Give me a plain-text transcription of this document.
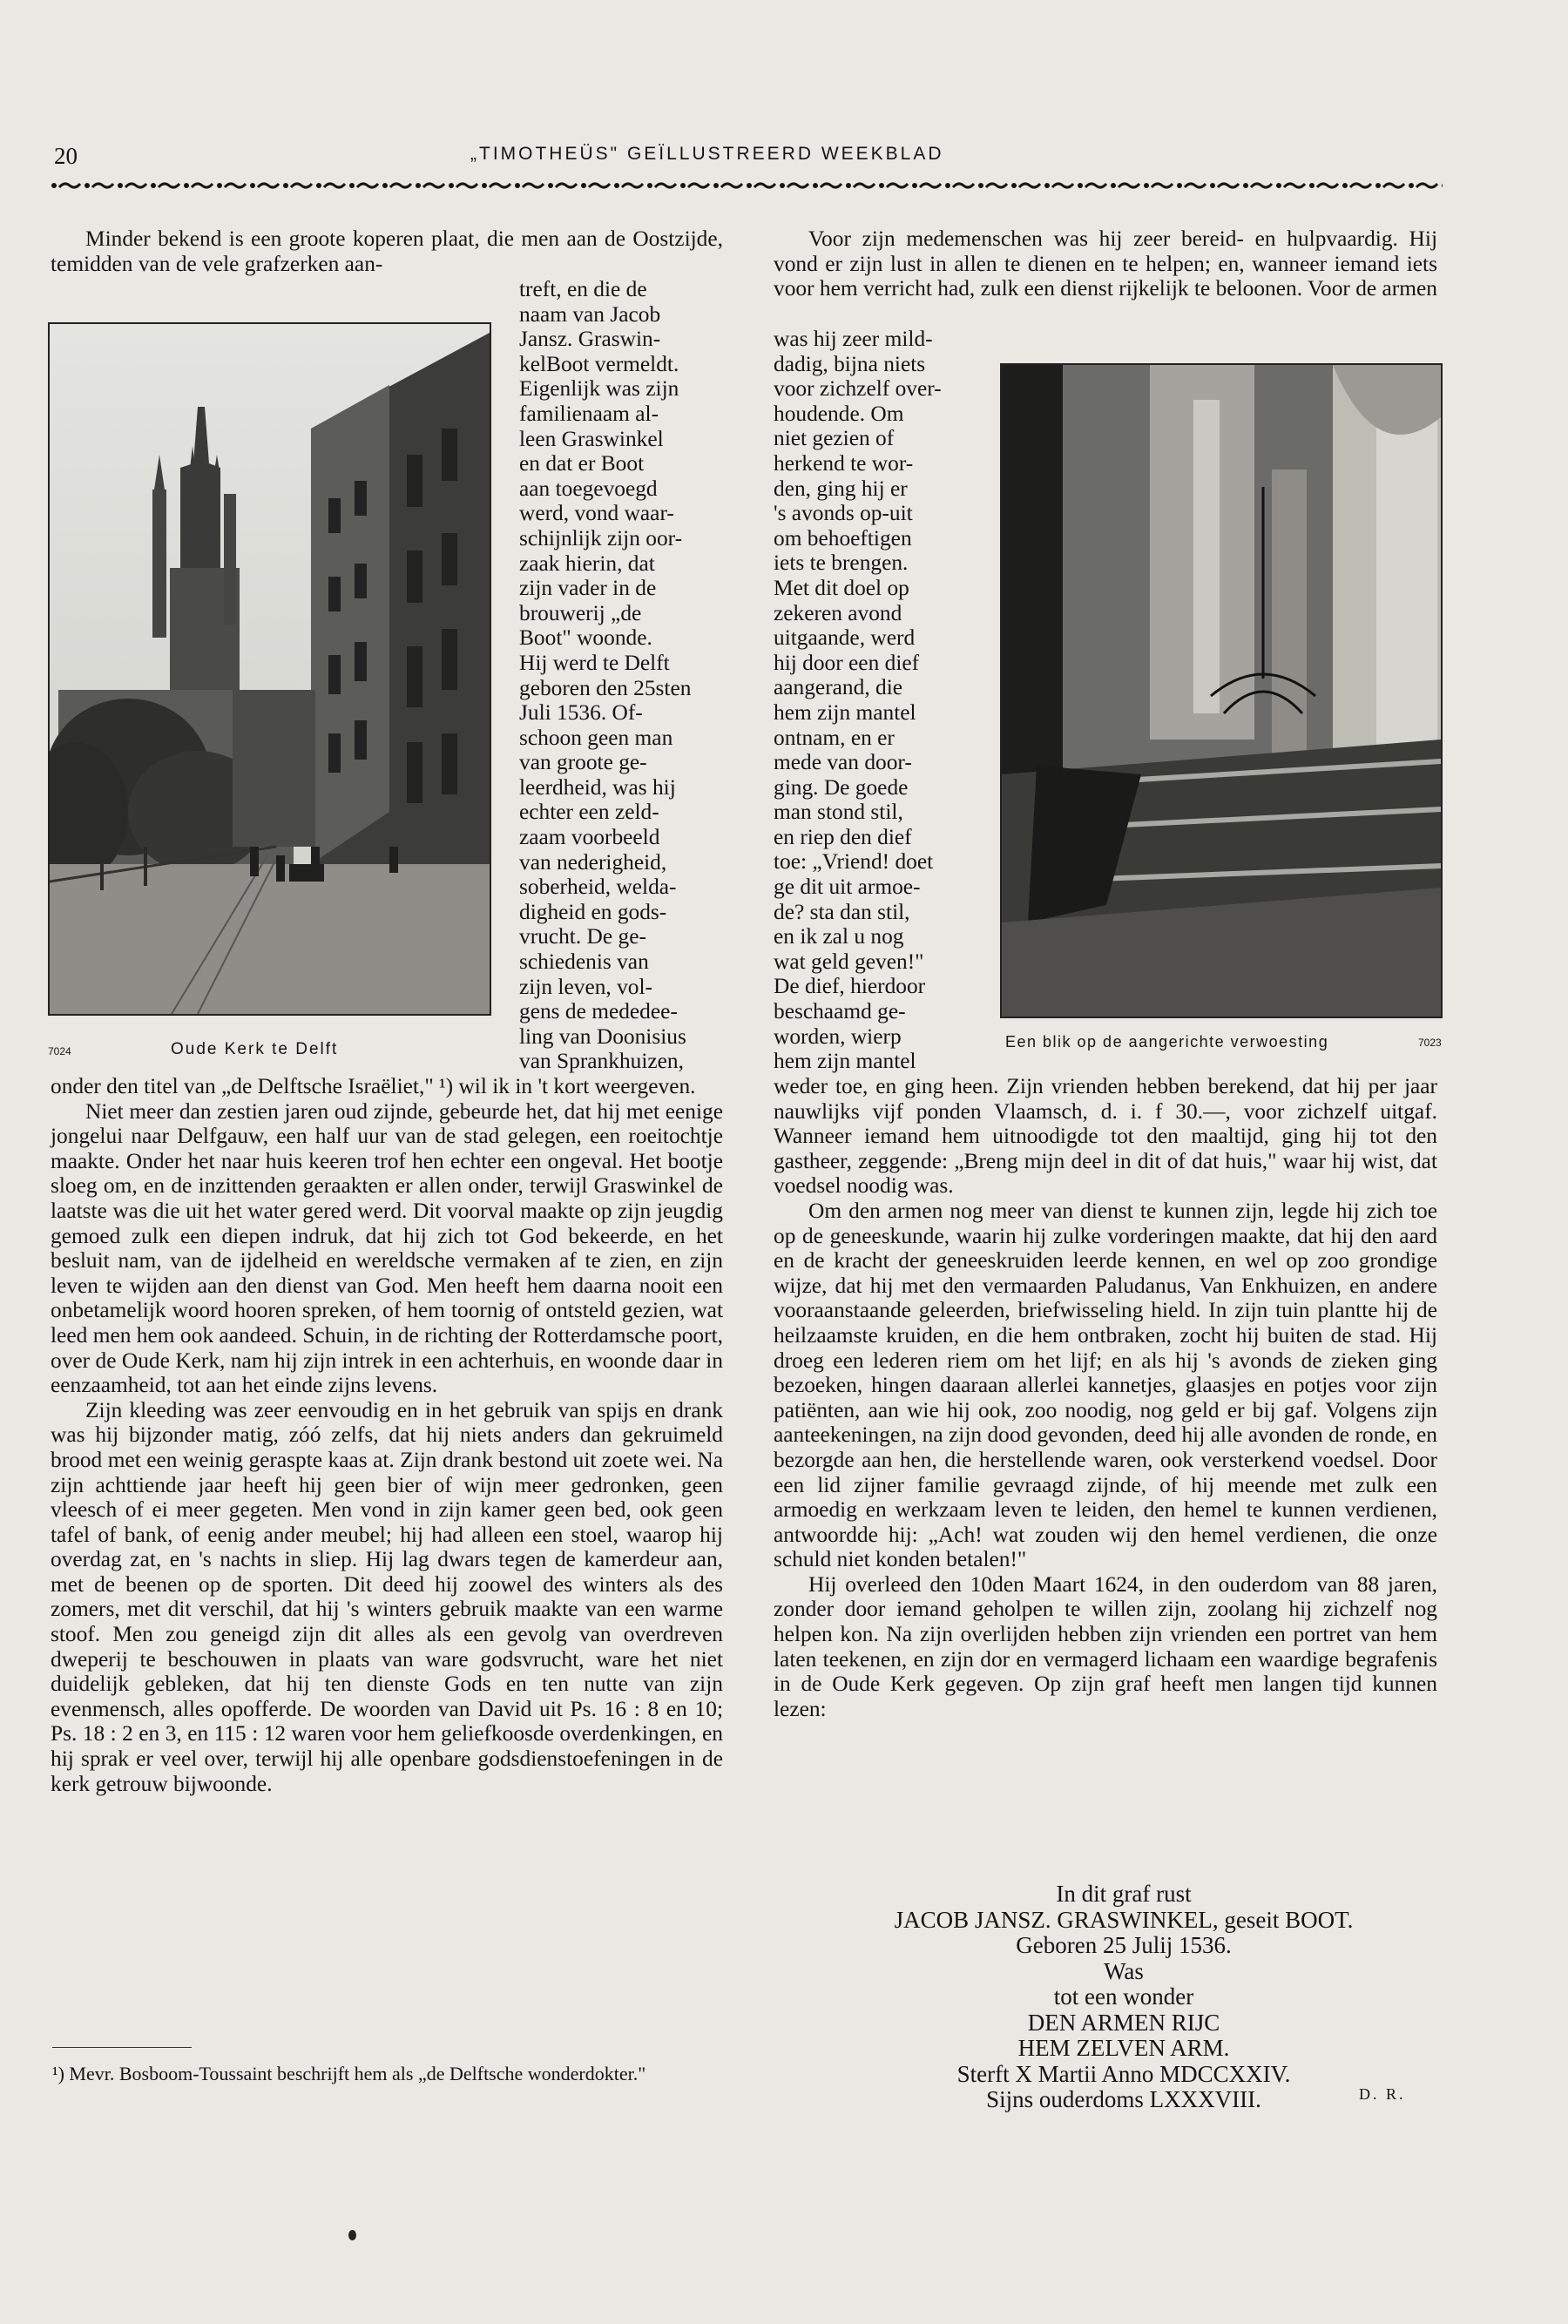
20	„TIMOTHEÜS" GEÏLLUSTREERD WEEKBLAD

Minder bekend is een groote koperen plaat, die men aan de Oostzijde, temidden van de vele grafzerken aan-

treft, en die de
naam van Jacob
Jansz. Graswin-
kelBoot vermeldt.
Eigenlijk was zijn
familienaam al-
leen Graswinkel
en dat er Boot
aan toegevoegd
werd, vond waar-
schijnlijk zijn oor-
zaak hierin, dat
zijn vader in de
brouwerij „de
Boot" woonde.
Hij werd te Delft
geboren den 25sten
Juli 1536. Of-
schoon geen man
van groote ge-
leerdheid, was hij
echter een zeld-
zaam voorbeeld
van nederigheid,
soberheid, welda-
digheid en gods-
vrucht. De ge-
schiedenis van
zijn leven, vol-
gens de mededee-
ling van Doonisius
van Sprankhuizen,
7024	Oude Kerk te Delft

onder den titel van „de Delftsche Israëliet," ¹) wil ik in 't kort weergeven.

Niet meer dan zestien jaren oud zijnde, gebeurde het, dat hij met eenige jongelui naar Delfgauw, een half uur van de stad gelegen, een roeitochtje maakte. Onder het naar huis keeren trof hen echter een ongeval. Het bootje sloeg om, en de inzittenden geraakten er allen onder, terwijl Graswinkel de laatste was die uit het water gered werd. Dit voorval maakte op zijn jeugdig gemoed zulk een diepen indruk, dat hij zich tot God bekeerde, en het besluit nam, van de ijdelheid en wereldsche vermaken af te zien, en zijn leven te wijden aan den dienst van God. Men heeft hem daarna nooit een onbetamelijk woord hooren spreken, of hem toornig of ontsteld gezien, wat leed men hem ook aandeed. Schuin, in de richting der Rotterdamsche poort, over de Oude Kerk, nam hij zijn intrek in een achterhuis, en woonde daar in eenzaamheid, tot aan het einde zijns levens.

Zijn kleeding was zeer eenvoudig en in het gebruik van spijs en drank was hij bijzonder matig, zóó zelfs, dat hij niets anders dan gekruimeld brood met een weinig geraspte kaas at. Zijn drank bestond uit zoete wei. Na zijn achttiende jaar heeft hij geen bier of wijn meer gedronken, geen vleesch of ei meer gegeten. Men vond in zijn kamer geen bed, ook geen tafel of bank, of eenig ander meubel; hij had alleen een stoel, waarop hij overdag zat, en 's nachts in sliep. Hij lag dwars tegen de kamerdeur aan, met de beenen op de sporten. Dit deed hij zoowel des winters als des zomers, met dit verschil, dat hij 's winters gebruik maakte van een warme stoof. Men zou geneigd zijn dit alles als een gevolg van overdreven dweperij te beschouwen in plaats van ware godsvrucht, ware het niet duidelijk gebleken, dat hij ten dienste Gods en ten nutte van zijn evenmensch, alles opofferde. De woorden van David uit Ps. 16 : 8 en 10; Ps. 18 : 2 en 3, en 115 : 12 waren voor hem geliefkoosde overdenkingen, en hij sprak er veel over, terwijl hij alle openbare godsdienstoefeningen in de kerk getrouw bijwoonde.

¹) Mevr. Bosboom-Toussaint beschrijft hem als „de Delftsche wonderdokter."

Voor zijn medemenschen was hij zeer bereid- en hulpvaardig. Hij vond er zijn lust in allen te dienen en te helpen; en, wanneer iemand iets voor hem verricht had, zulk een dienst rijkelijk te beloonen. Voor de armen

was hij zeer mild-
dadig, bijna niets
voor zichzelf over-
houdende. Om
niet gezien of
herkend te wor-
den, ging hij er
's avonds op-uit
om behoeftigen
iets te brengen.
Met dit doel op
zekeren avond
uitgaande, werd
hij door een dief
aangerand, die
hem zijn mantel
ontnam, en er
mede van door-
ging. De goede
man stond stil,
en riep den dief
toe: „Vriend! doet
ge dit uit armoe-
de? sta dan stil,
en ik zal u nog
wat geld geven!"
De dief, hierdoor
beschaamd ge-
worden, wierp
hem zijn mantel
Een blik op de aangerichte verwoesting	7023

weder toe, en ging heen. Zijn vrienden hebben berekend, dat hij per jaar nauwlijks vijf ponden Vlaamsch, d. i. f 30.—, voor zichzelf uitgaf. Wanneer iemand hem uitnoodigde tot den maaltijd, ging hij tot den gastheer, zeggende: „Breng mijn deel in dit of dat huis," waar hij wist, dat voedsel noodig was.

Om den armen nog meer van dienst te kunnen zijn, legde hij zich toe op de geneeskunde, waarin hij zulke vorderingen maakte, dat hij den aard en de kracht der geneeskruiden leerde kennen, en wel op zoo grondige wijze, dat hij met den vermaarden Paludanus, Van Enkhuizen, en andere vooraanstaande geleerden, briefwisseling hield. In zijn tuin plantte hij de heilzaamste kruiden, en die hem ontbraken, zocht hij buiten de stad. Hij droeg een lederen riem om het lijf; en als hij 's avonds de zieken ging bezoeken, hingen daaraan allerlei kannetjes, glaasjes en potjes voor zijn patiënten, aan wie hij ook, zoo noodig, nog geld er bij gaf. Volgens zijn aanteekeningen, na zijn dood gevonden, deed hij alle avonden de ronde, en bezorgde aan hen, die herstellende waren, ook versterkend voedsel. Door een lid zijner familie gevraagd zijnde, of hij meende met zulk een armoedig en werkzaam leven te leiden, den hemel te kunnen verdienen, antwoordde hij: „Ach! wat zouden wij den hemel verdienen, die onze schuld niet konden betalen!"

Hij overleed den 10den Maart 1624, in den ouderdom van 88 jaren, zonder door iemand geholpen te willen zijn, zoolang hij zichzelf nog helpen kon. Na zijn overlijden hebben zijn vrienden een portret van hem laten teekenen, en zijn dor en vermagerd lichaam een waardige begrafenis in de Oude Kerk gegeven. Op zijn graf heeft men langen tijd kunnen lezen:

In dit graf rust
JACOB JANSZ. GRASWINKEL, geseit BOOT.
Geboren 25 Julij 1536.
Was
tot een wonder
DEN ARMEN RIJC
HEM ZELVEN ARM.
Sterft X Martii Anno MDCCXXIV.
Sijns ouderdoms LXXXVIII.	D. R.
